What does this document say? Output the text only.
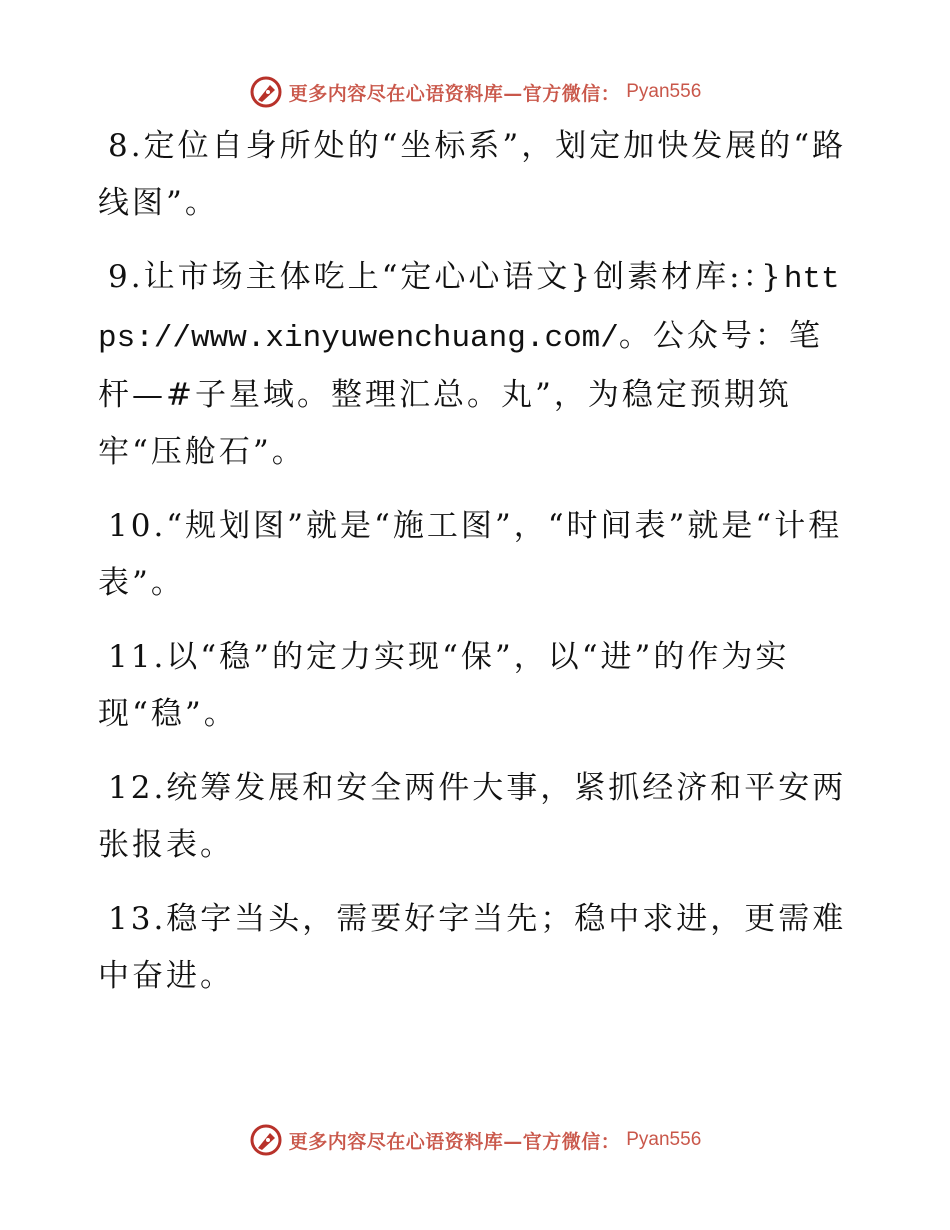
更多内容尽在心语资料库—官方微信： Pyan556

8.定位自身所处的“坐标系”，划定加快发展的“路线图”。

9.让市场主体吃上“定心心语文}创素材库:：}https://www.xinyuwenchuang.com/。公众号：笔杆—#子星域。整理汇总。丸”，为稳定预期筑牢“压舱石”。

10.“规划图”就是“施工图”，“时间表”就是“计程表”。

11.以“稳”的定力实现“保”，以“进”的作为实现“稳”。

12.统筹发展和安全两件大事，紧抓经济和平安两张报表。

13.稳字当头，需要好字当先；稳中求进，更需难中奋进。

更多内容尽在心语资料库—官方微信： Pyan556
